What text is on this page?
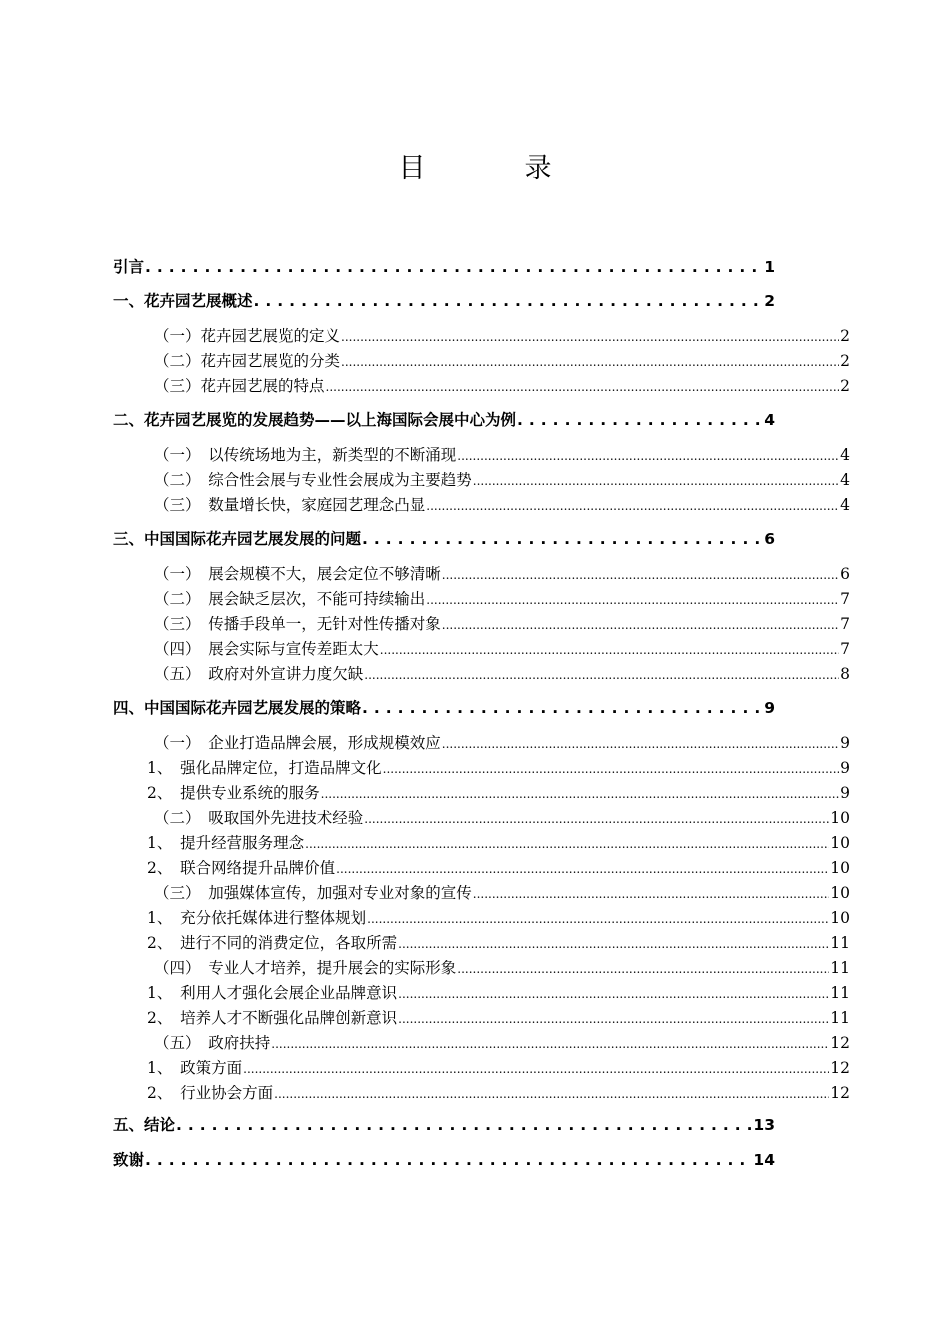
目　录
引言 .....	1
一、花卉园艺展概述 .....	2
（一）花卉园艺展览的定义 .....	2
（二）花卉园艺展览的分类 .....	2
（三）花卉园艺展的特点 .....	2
二、花卉园艺展览的发展趋势——以上海国际会展中心为例 .....	4
（一）　以传统场地为主，新类型的不断涌现 .....	4
（二）　综合性会展与专业性会展成为主要趋势 .....	4
（三）　数量增长快，家庭园艺理念凸显 .....	4
三、中国国际花卉园艺展发展的问题 .....	6
（一）　展会规模不大，展会定位不够清晰 .....	6
（二）　展会缺乏层次，不能可持续输出 .....	7
（三）　传播手段单一，无针对性传播对象 .....	7
（四）　展会实际与宣传差距太大 .....	7
（五）　政府对外宣讲力度欠缺 .....	8
四、中国国际花卉园艺展发展的策略 .....	9
（一）　企业打造品牌会展，形成规模效应 .....	9
1、　强化品牌定位，打造品牌文化 .....	9
2、　提供专业系统的服务 .....	9
（二）　吸取国外先进技术经验 .....	10
1、　提升经营服务理念 .....	10
2、　联合网络提升品牌价值 .....	10
（三）　加强媒体宣传，加强对专业对象的宣传 .....	10
1、　充分依托媒体进行整体规划 .....	10
2、　进行不同的消费定位，各取所需 .....	11
（四）　专业人才培养，提升展会的实际形象 .....	11
1、　利用人才强化会展企业品牌意识 .....	11
2、　培养人才不断强化品牌创新意识 .....	11
（五）　政府扶持 .....	12
1、　政策方面 .....	12
2、　行业协会方面 .....	12
五、结论 .....	13
致谢 .....	14
